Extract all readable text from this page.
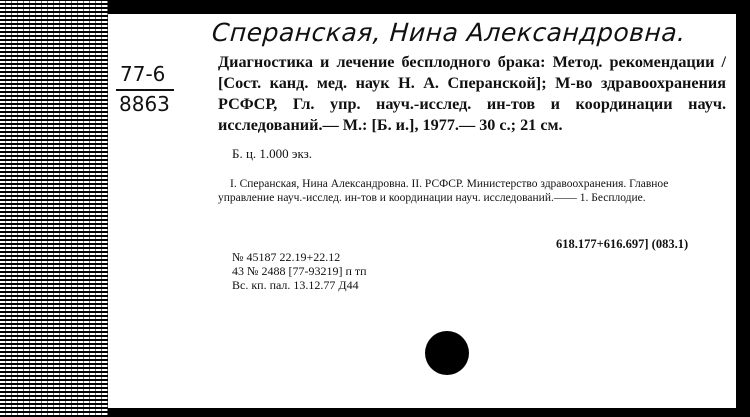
Сперанская, Нина Александровна.
77-6
8863

Диагностика и лечение бесплодного брака: Метод. рекомендации / [Сост. канд. мед. наук Н. А. Сперанской]; М-во здравоохранения РСФСР, Гл. упр. науч.-исслед. ин-тов и координации науч. исследований.— М.: [Б. и.], 1977.— 30 с.; 21 см.

Б. ц. 1.000 экз.
I. Сперанская, Нина Александровна. II. РСФСР. Министерство здравоохранения. Главное управление науч.-исслед. ин-тов и координации науч. исследований.—— 1. Бесплодие.
618.177+616.697] (083.1)
№ 45187 22.19+22.12
43 № 2488 [77-93219] п тп
Вс. кп. пал. 13.12.77 Д44
